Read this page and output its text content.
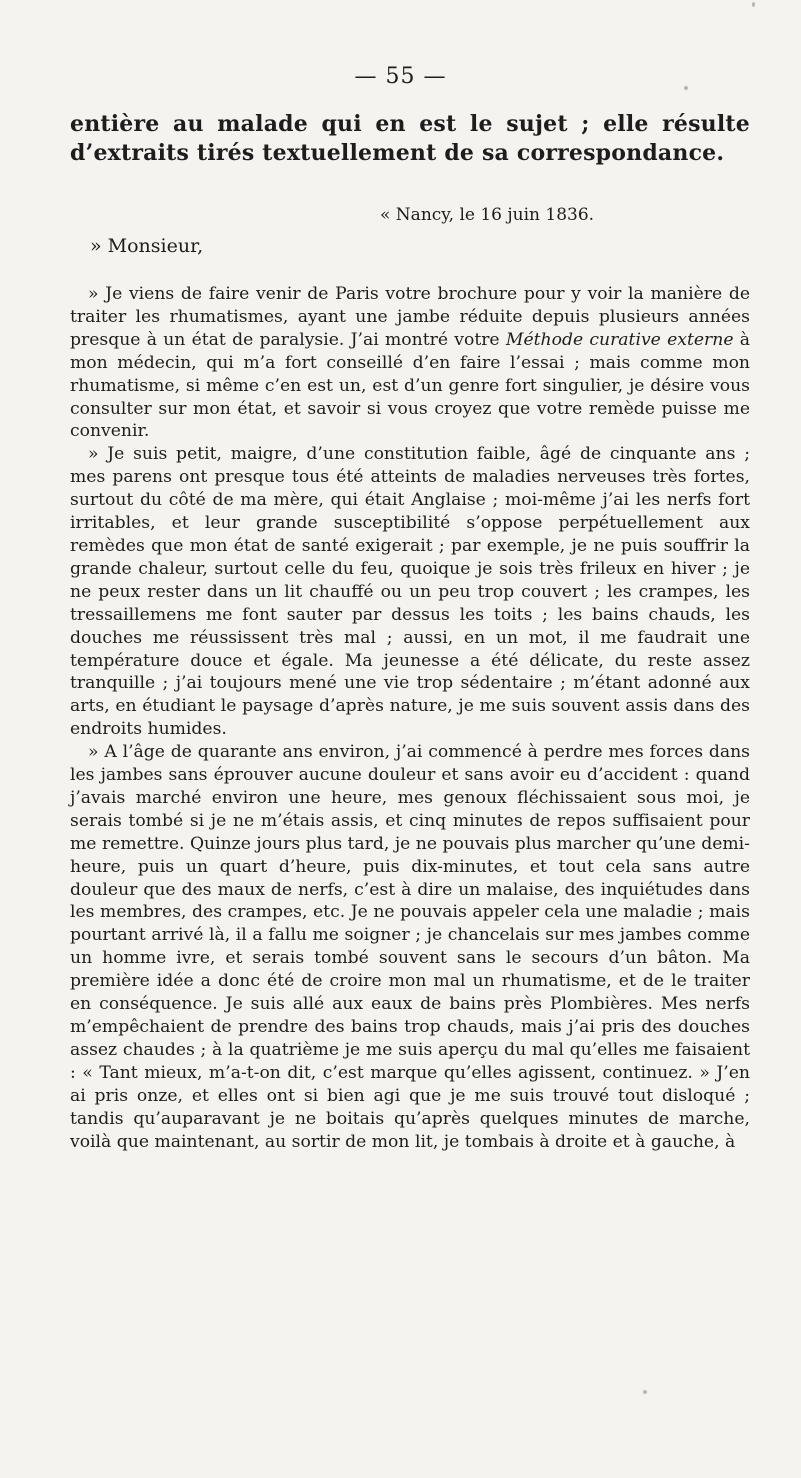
— 55 —
entière au malade qui en est le sujet ; elle résulte d’extraits tirés textuellement de sa correspondance.
« Nancy, le 16 juin 1836.
» Monsieur,

» Je viens de faire venir de Paris votre brochure pour y voir la manière de traiter les rhumatismes, ayant une jambe réduite depuis plusieurs années presque à un état de paralysie. J’ai montré votre Méthode curative externe à mon médecin, qui m’a fort conseillé d’en faire l’essai ; mais comme mon rhumatisme, si même c’en est un, est d’un genre fort singulier, je désire vous consulter sur mon état, et savoir si vous croyez que votre remède puisse me convenir.

» Je suis petit, maigre, d’une constitution faible, âgé de cinquante ans ; mes parens ont presque tous été atteints de maladies nerveuses très fortes, surtout du côté de ma mère, qui était Anglaise ; moi-même j’ai les nerfs fort irritables, et leur grande susceptibilité s’oppose perpétuellement aux remèdes que mon état de santé exigerait ; par exemple, je ne puis souffrir la grande chaleur, surtout celle du feu, quoique je sois très frileux en hiver ; je ne peux rester dans un lit chauffé ou un peu trop couvert ; les crampes, les tressaillemens me font sauter par dessus les toits ; les bains chauds, les douches me réussissent très mal ; aussi, en un mot, il me faudrait une température douce et égale. Ma jeunesse a été délicate, du reste assez tranquille ; j’ai toujours mené une vie trop sédentaire ; m’étant adonné aux arts, en étudiant le paysage d’après nature, je me suis souvent assis dans des endroits humides.

» A l’âge de quarante ans environ, j’ai commencé à perdre mes forces dans les jambes sans éprouver aucune douleur et sans avoir eu d’accident : quand j’avais marché environ une heure, mes genoux fléchissaient sous moi, je serais tombé si je ne m’étais assis, et cinq minutes de repos suffisaient pour me remettre. Quinze jours plus tard, je ne pouvais plus marcher qu’une demi-heure, puis un quart d’heure, puis dix-minutes, et tout cela sans autre douleur que des maux de nerfs, c’est à dire un malaise, des inquiétudes dans les membres, des crampes, etc. Je ne pouvais appeler cela une maladie ; mais pourtant arrivé là, il a fallu me soigner ; je chancelais sur mes jambes comme un homme ivre, et serais tombé souvent sans le secours d’un bâton. Ma première idée a donc été de croire mon mal un rhumatisme, et de le traiter en conséquence. Je suis allé aux eaux de bains près Plombières. Mes nerfs m’empêchaient de prendre des bains trop chauds, mais j’ai pris des douches assez chaudes ; à la quatrième je me suis aperçu du mal qu’elles me faisaient : « Tant mieux, m’a-t-on dit, c’est marque qu’elles agissent, continuez. » J’en ai pris onze, et elles ont si bien agi que je me suis trouvé tout disloqué ; tandis qu’auparavant je ne boitais qu’après quelques minutes de marche, voilà que maintenant, au sortir de mon lit, je tombais à droite et à gauche, à
